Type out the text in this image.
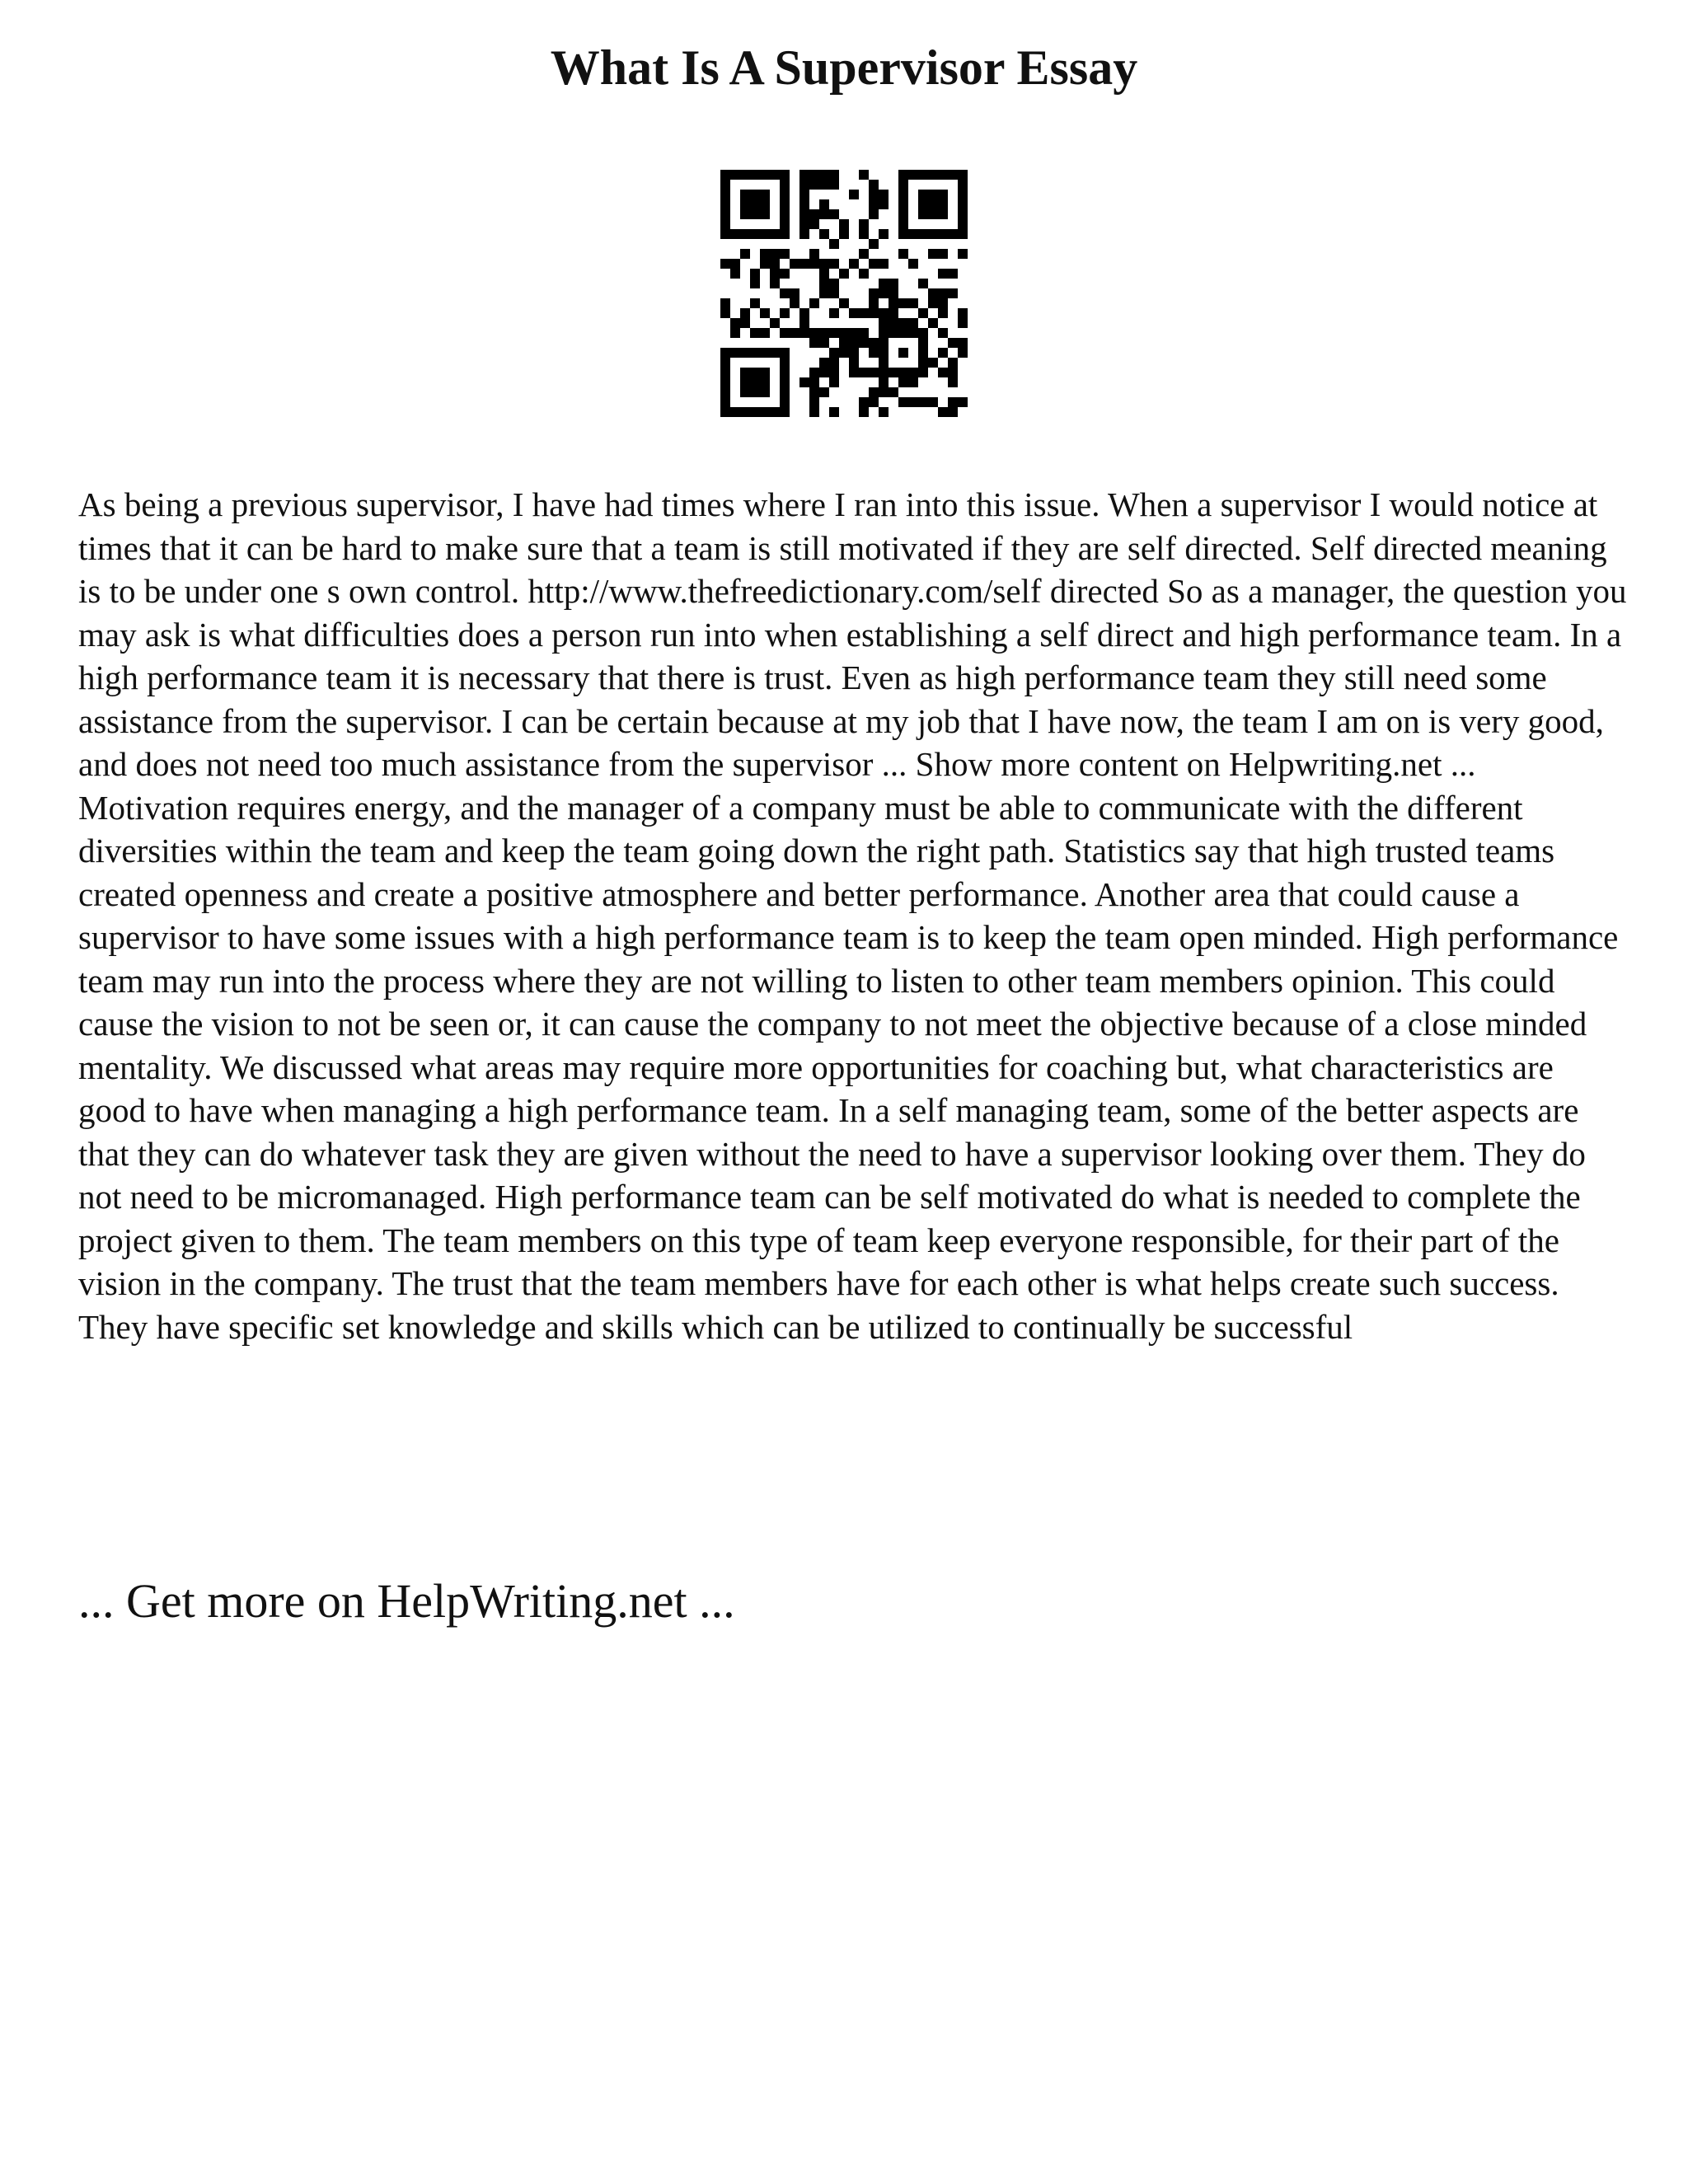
What Is A Supervisor Essay

As being a previous supervisor, I have had times where I ran into this issue. When a supervisor I would notice at times that it can be hard to make sure that a team is still motivated if they are self directed. Self directed meaning is to be under one s own control. http://www.thefreedictionary.com/self directed So as a manager, the question you may ask is what difficulties does a person run into when establishing a self direct and high performance team. In a high performance team it is necessary that there is trust. Even as high performance team they still need some assistance from the supervisor. I can be certain because at my job that I have now, the team I am on is very good, and does not need too much assistance from the supervisor ... Show more content on Helpwriting.net ...

Motivation requires energy, and the manager of a company must be able to communicate with the different diversities within the team and keep the team going down the right path. Statistics say that high trusted teams created openness and create a positive atmosphere and better performance. Another area that could cause a supervisor to have some issues with a high performance team is to keep the team open minded. High performance team may run into the process where they are not willing to listen to other team members opinion. This could cause the vision to not be seen or, it can cause the company to not meet the objective because of a close minded mentality. We discussed what areas may require more opportunities for coaching but, what characteristics are good to have when managing a high performance team. In a self managing team, some of the better aspects are that they can do whatever task they are given without the need to have a supervisor looking over them. They do not need to be micromanaged. High performance team can be self motivated do what is needed to complete the project given to them. The team members on this type of team keep everyone responsible, for their part of the vision in the company. The trust that the team members have for each other is what helps create such success. They have specific set knowledge and skills which can be utilized to continually be successful

... Get more on HelpWriting.net ...
